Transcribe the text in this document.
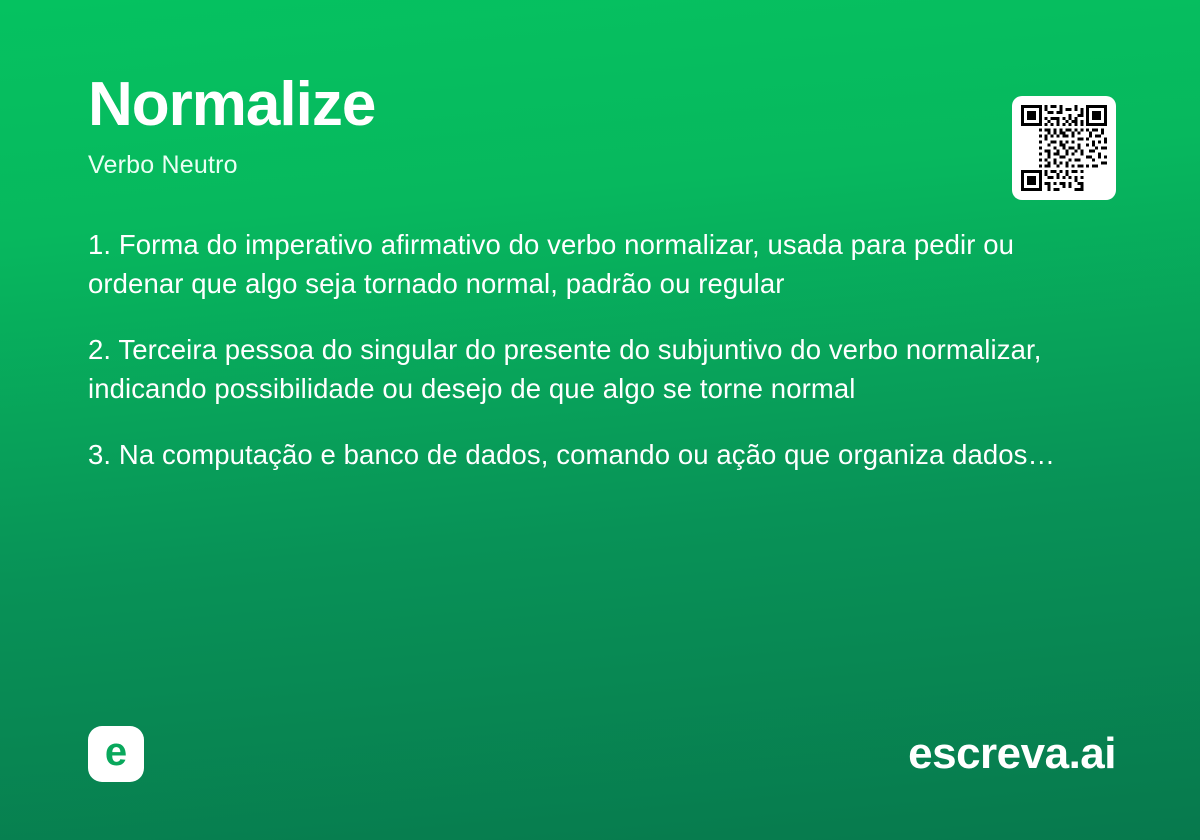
Normalize
Verbo Neutro

1. Forma do imperativo afirmativo do verbo normalizar, usada para pedir ou ordenar que algo seja tornado normal, padrão ou regular

2. Terceira pessoa do singular do presente do subjuntivo do verbo normalizar, indicando possibilidade ou desejo de que algo se torne normal

3. Na computação e banco de dados, comando ou ação que organiza dados…

e	escreva.ai
